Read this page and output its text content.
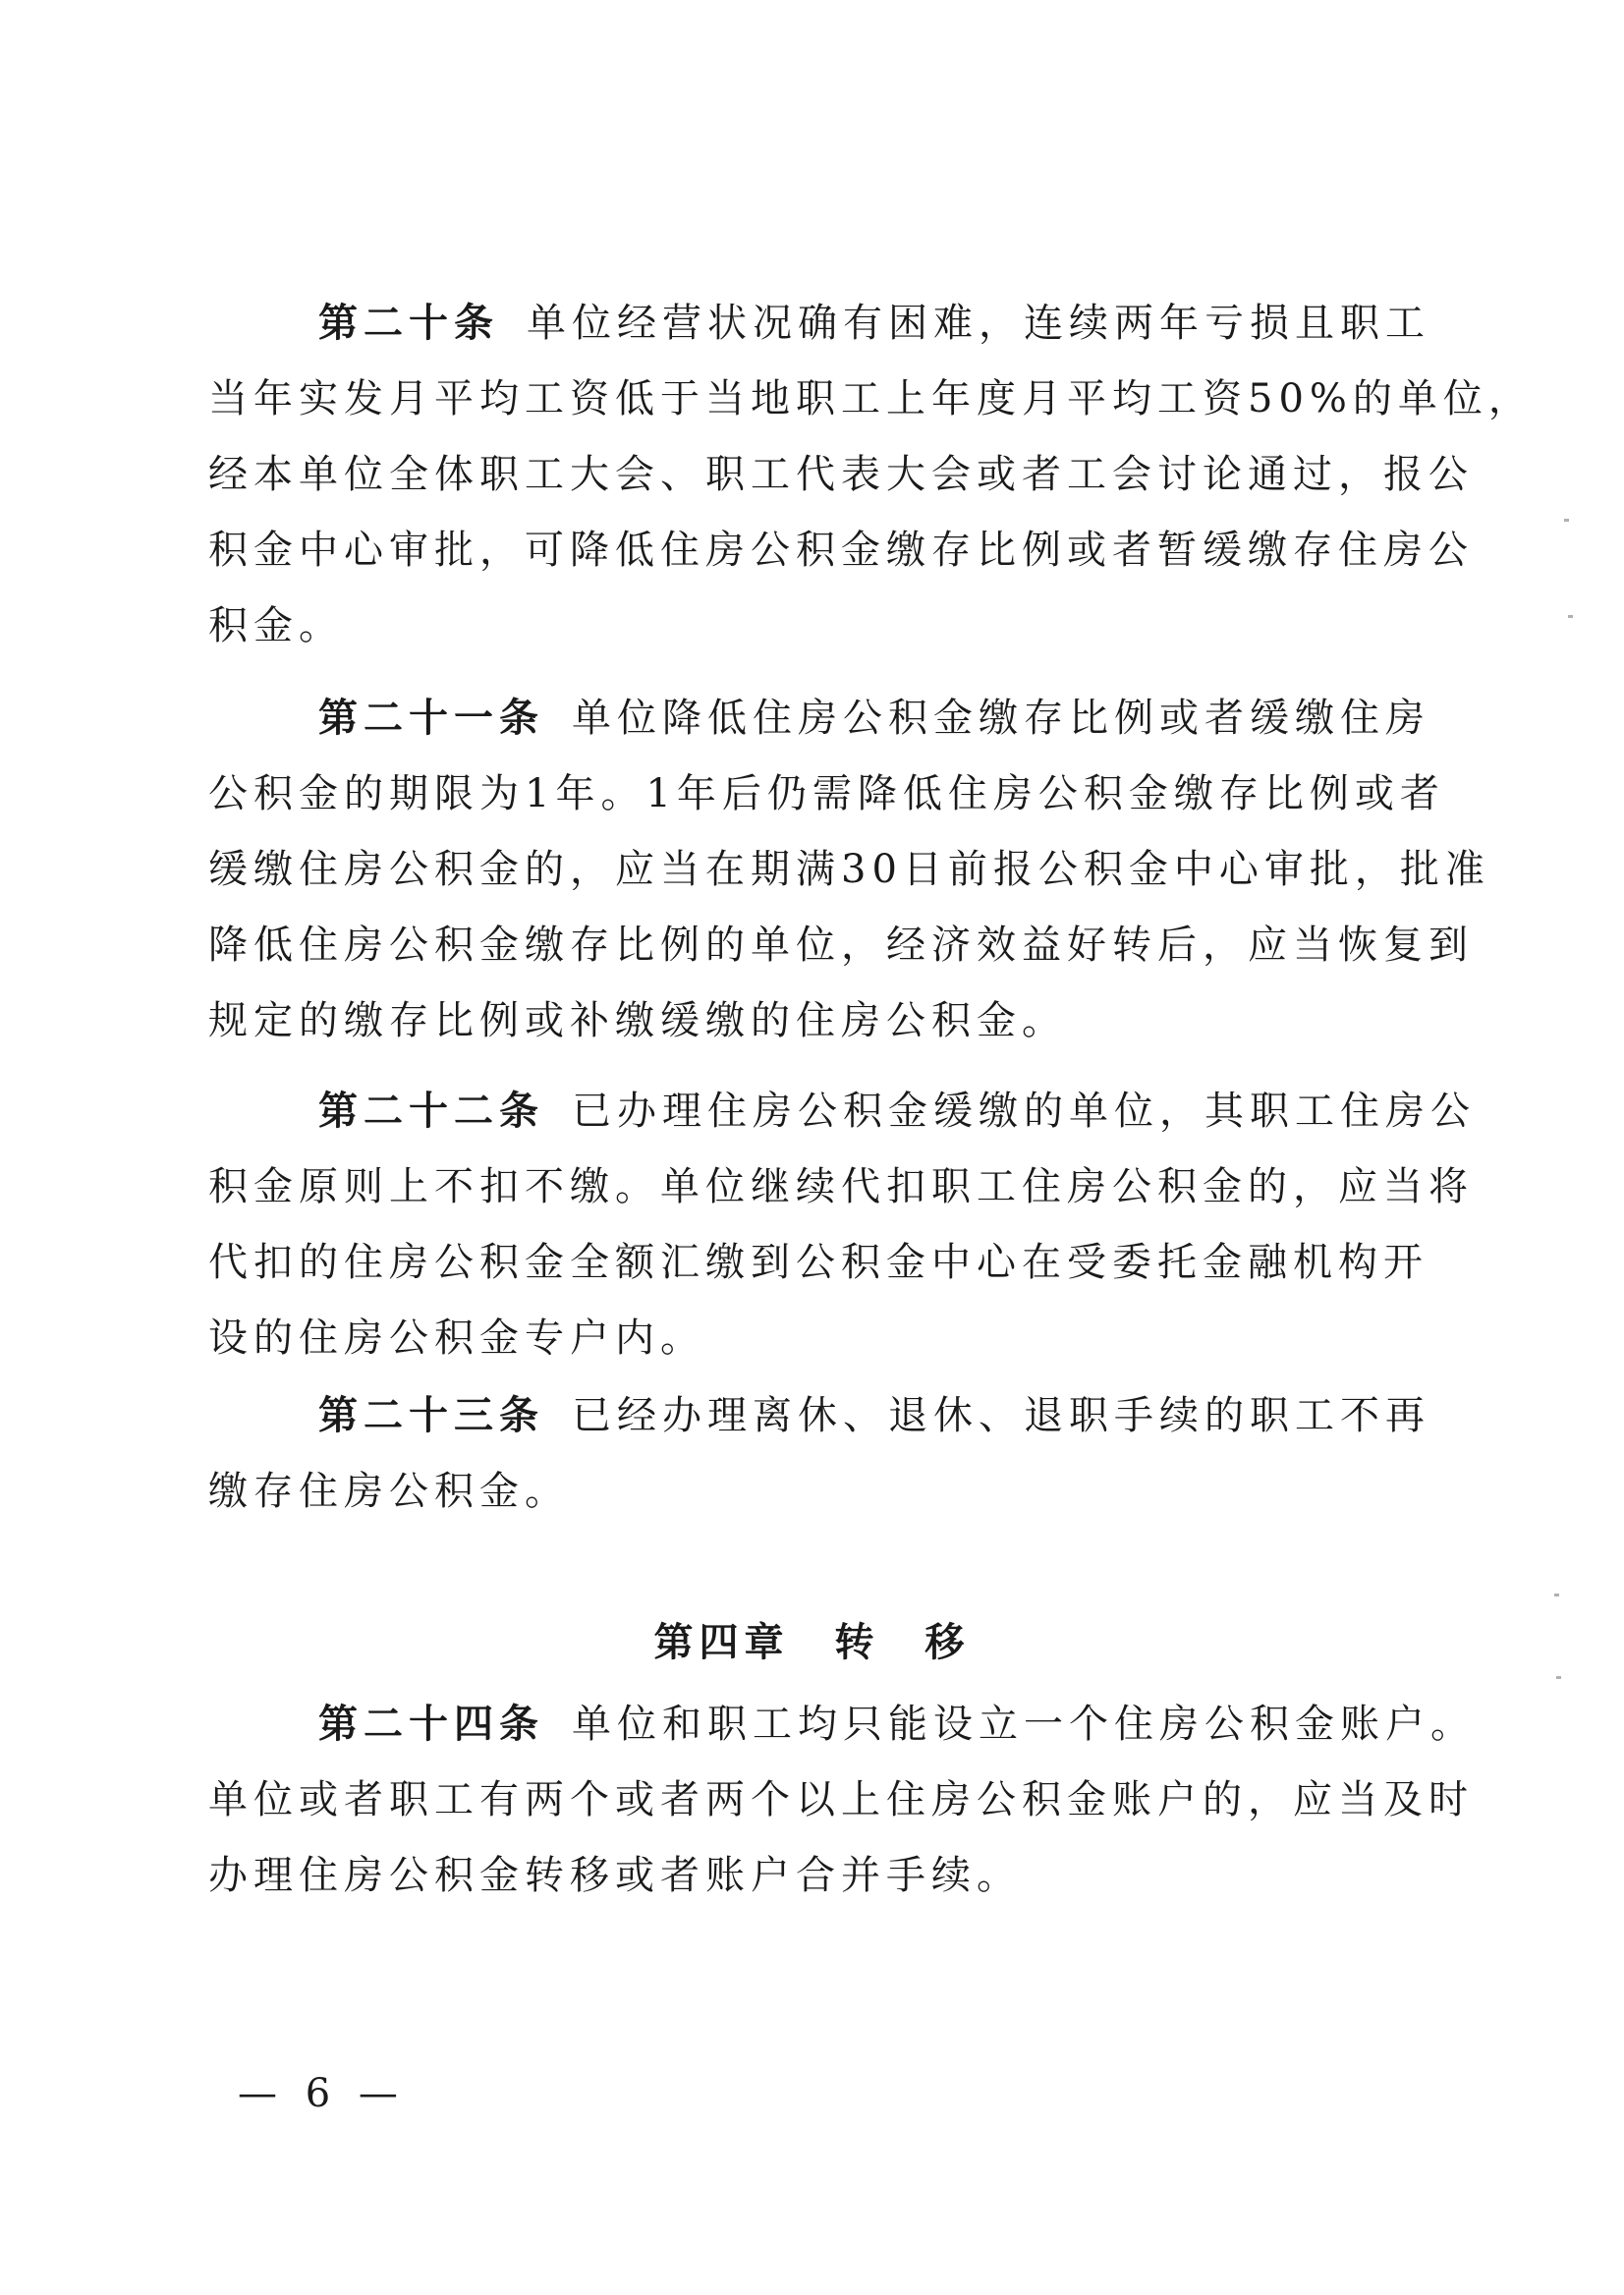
第二十条 单位经营状况确有困难，连续两年亏损且职工
当年实发月平均工资低于当地职工上年度月平均工资50%的单位，
经本单位全体职工大会、职工代表大会或者工会讨论通过，报公
积金中心审批，可降低住房公积金缴存比例或者暂缓缴存住房公
积金。
第二十一条 单位降低住房公积金缴存比例或者缓缴住房
公积金的期限为1年。1年后仍需降低住房公积金缴存比例或者
缓缴住房公积金的，应当在期满30日前报公积金中心审批，批准
降低住房公积金缴存比例的单位，经济效益好转后，应当恢复到
规定的缴存比例或补缴缓缴的住房公积金。
第二十二条 已办理住房公积金缓缴的单位，其职工住房公
积金原则上不扣不缴。单位继续代扣职工住房公积金的，应当将
代扣的住房公积金全额汇缴到公积金中心在受委托金融机构开
设的住房公积金专户内。
第二十三条 已经办理离休、退休、退职手续的职工不再
缴存住房公积金。
第四章 转　移
第二十四条 单位和职工均只能设立一个住房公积金账户。
单位或者职工有两个或者两个以上住房公积金账户的，应当及时
办理住房公积金转移或者账户合并手续。
— 6 —
